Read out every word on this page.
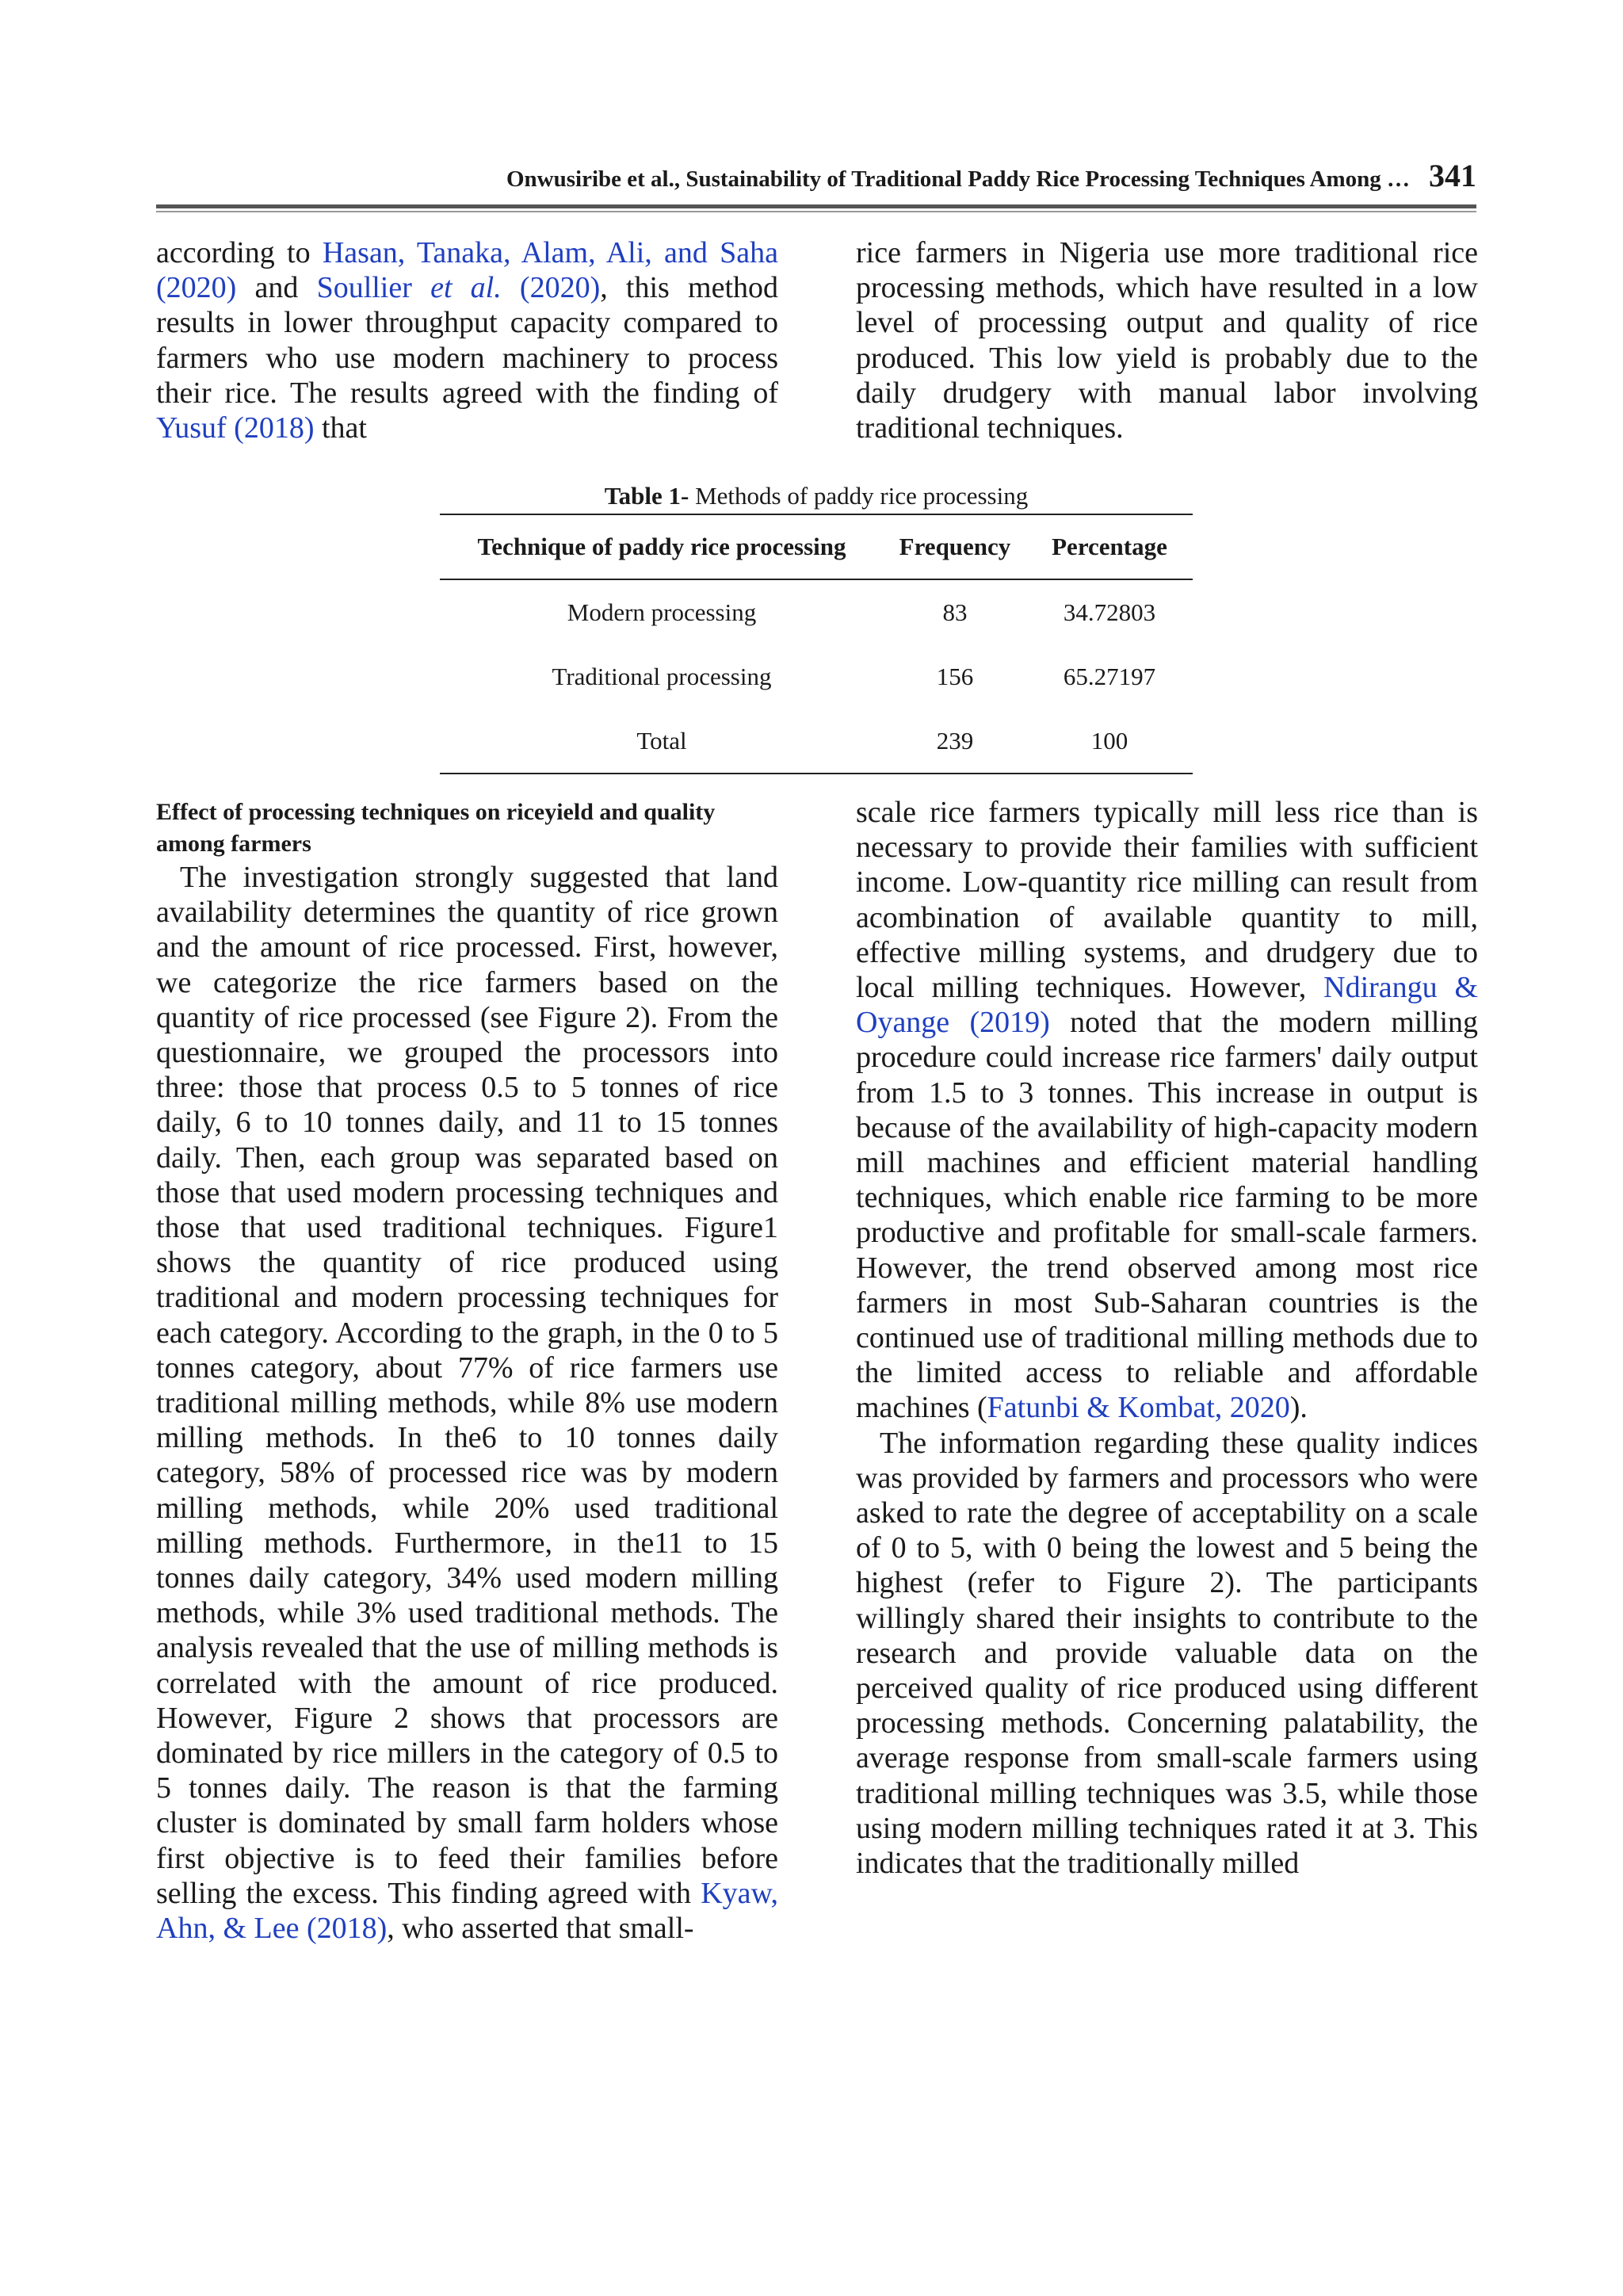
Onwusiribe et al., Sustainability of Traditional Paddy Rice Processing Techniques Among … 341

according to Hasan, Tanaka, Alam, Ali, and Saha (2020) and Soullier et al. (2020), this method results in lower throughput capacity compared to farmers who use modern machinery to process their rice. The results agreed with the finding of Yusuf (2018) that

rice farmers in Nigeria use more traditional rice processing methods, which have resulted in a low level of processing output and quality of rice produced. This low yield is probably due to the daily drudgery with manual labor involving traditional techniques.

Table 1- Methods of paddy rice processing
Technique of paddy rice processing	Frequency	Percentage
Modern processing	83	34.72803
Traditional processing	156	65.27197
Total	239	100

Effect of processing techniques on riceyield and quality among farmers

The investigation strongly suggested that land availability determines the quantity of rice grown and the amount of rice processed. First, however, we categorize the rice farmers based on the quantity of rice processed (see Figure 2). From the questionnaire, we grouped the processors into three: those that process 0.5 to 5 tonnes of rice daily, 6 to 10 tonnes daily, and 11 to 15 tonnes daily. Then, each group was separated based on those that used modern processing techniques and those that used traditional techniques. Figure1 shows the quantity of rice produced using traditional and modern processing techniques for each category. According to the graph, in the 0 to 5 tonnes category, about 77% of rice farmers use traditional milling methods, while 8% use modern milling methods. In the6 to 10 tonnes daily category, 58% of processed rice was by modern milling methods, while 20% used traditional milling methods. Furthermore, in the11 to 15 tonnes daily category, 34% used modern milling methods, while 3% used traditional methods. The analysis revealed that the use of milling methods is correlated with the amount of rice produced. However, Figure 2 shows that processors are dominated by rice millers in the category of 0.5 to 5 tonnes daily. The reason is that the farming cluster is dominated by small farm holders whose first objective is to feed their families before selling the excess. This finding agreed with Kyaw, Ahn, & Lee (2018), who asserted that small-

scale rice farmers typically mill less rice than is necessary to provide their families with sufficient income. Low-quantity rice milling can result from acombination of available quantity to mill, effective milling systems, and drudgery due to local milling techniques. However, Ndirangu & Oyange (2019) noted that the modern milling procedure could increase rice farmers' daily output from 1.5 to 3 tonnes. This increase in output is because of the availability of high-capacity modern mill machines and efficient material handling techniques, which enable rice farming to be more productive and profitable for small-scale farmers. However, the trend observed among most rice farmers in most Sub-Saharan countries is the continued use of traditional milling methods due to the limited access to reliable and affordable machines (Fatunbi & Kombat, 2020).

The information regarding these quality indices was provided by farmers and processors who were asked to rate the degree of acceptability on a scale of 0 to 5, with 0 being the lowest and 5 being the highest (refer to Figure 2). The participants willingly shared their insights to contribute to the research and provide valuable data on the perceived quality of rice produced using different processing methods. Concerning palatability, the average response from small-scale farmers using traditional milling techniques was 3.5, while those using modern milling techniques rated it at 3. This indicates that the traditionally milled
